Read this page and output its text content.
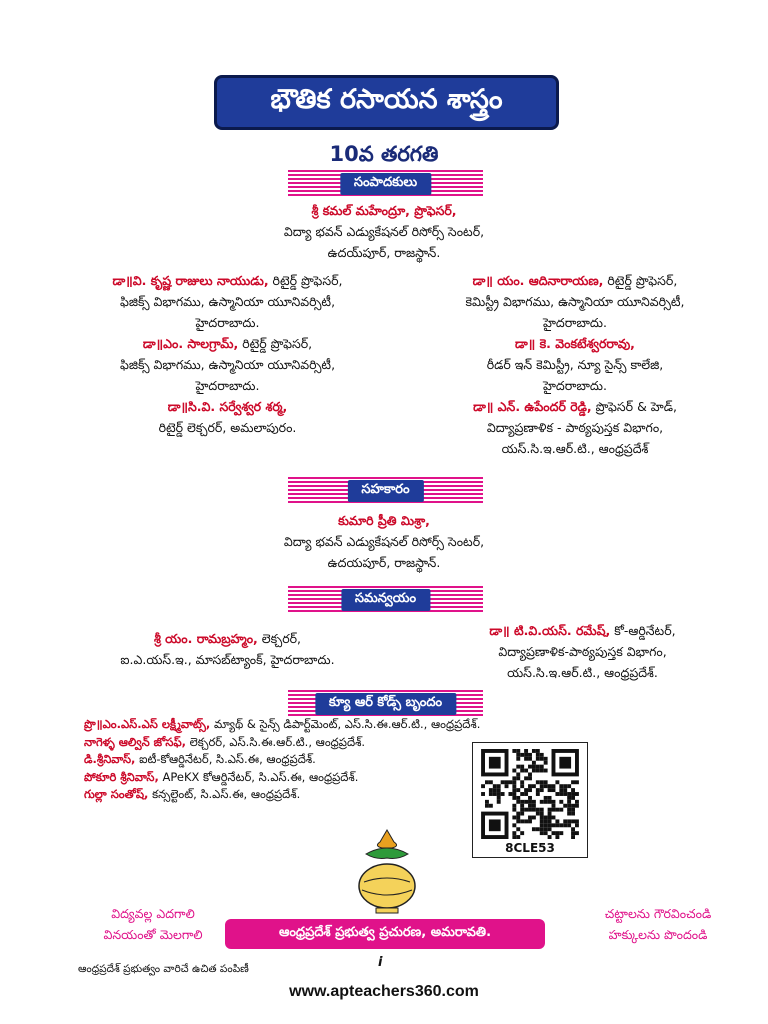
భౌతిక రసాయన శాస్త్రం
10వ తరగతి
సంపాదకులు
శ్రీ కమల్ మహేంద్రూ, ప్రొఫెసర్,
విద్యా భవన్ ఎడ్యుకేషనల్ రిసోర్స్ సెంటర్,
ఉదయ్‌పూర్, రాజస్థాన్.
డా॥వి. కృష్ణ రాజులు నాయుడు, రిటైర్డ్ ప్రొఫెసర్,
ఫిజిక్స్ విభాగము, ఉస్మానియా యూనివర్సిటీ,
హైదరాబాదు.
డా॥ఎం. సాలగ్రామ్, రిటైర్డ్ ప్రొఫెసర్,
ఫిజిక్స్ విభాగము, ఉస్మానియా యూనివర్సిటీ,
హైదరాబాదు.
డా॥సి.వి. సర్వేశ్వర శర్మ,
రిటైర్డ్ లెక్చరర్, అమలాపురం.
డా॥ యం. ఆదినారాయణ, రిటైర్డ్ ప్రొఫెసర్,
కెమిస్ట్రీ విభాగము, ఉస్మానియా యూనివర్సిటీ,
హైదరాబాదు.
డా॥ కె. వెంకటేశ్వరరావు,
రీడర్ ఇన్ కెమిస్ట్రీ, న్యూ సైన్స్ కాలేజి,
హైదరాబాదు.
డా॥ ఎన్. ఉపేందర్ రెడ్డి, ప్రొఫెసర్ & హెడ్,
విద్యాప్రణాళిక - పాఠ్యపుస్తక విభాగం,
యస్.సి.ఇ.ఆర్.టి., ఆంధ్రప్రదేశ్
సహకారం
కుమారి ప్రీతి మిశ్రా,
విద్యా భవన్ ఎడ్యుకేషనల్ రిసోర్స్ సెంటర్,
ఉదయపూర్, రాజస్థాన్.
సమన్వయం
శ్రీ యం. రామబ్రహ్మం, లెక్చరర్,
ఐ.ఎ.యస్.ఇ., మాసబ్‌ట్యాంక్, హైదరాబాదు.
డా॥ టి.వి.యస్. రమేష్, కో-ఆర్డినేటర్,
విద్యాప్రణాళిక-పాఠ్యపుస్తక విభాగం,
యస్.సి.ఇ.ఆర్.టి., ఆంధ్రప్రదేశ్.
క్యూ ఆర్ కోడ్స్ బృందం
ప్రొ॥ఎం.ఎస్.ఎస్ లక్ష్మీవాట్స్, మ్యాథ్ & సైన్స్ డిపార్ట్‌మెంట్, ఎస్.సి.ఈ.ఆర్.టి., ఆంధ్రప్రదేశ్.
నాగెళ్ళ ఆల్విన్ జోసఫ్, లెక్చరర్, ఎస్.సి.ఈ.ఆర్.టి., ఆంధ్రప్రదేశ్.
డి.శ్రీనివాస్, ఐటీ-కోఆర్డినేటర్, సి.ఎస్.ఈ, ఆంధ్రప్రదేశ్.
పోకూరి శ్రీనివాస్, APeKX కోఆర్డినేటర్, సి.ఎస్.ఈ, ఆంధ్రప్రదేశ్.
గుల్లా సంతోష్, కన్సల్టెంట్, సి.ఎస్.ఈ, ఆంధ్రప్రదేశ్.
8CLE53
విద్యవల్ల ఎదగాలి
వినయంతో మెలగాలి
చట్టాలను గౌరవించండి
హక్కులను పొందండి
ఆంధ్రప్రదేశ్ ప్రభుత్వ ప్రచురణ, అమరావతి.
i
ఆంధ్రప్రదేశ్ ప్రభుత్వం వారిచే ఉచిత పంపిణీ
www.apteachers360.com
